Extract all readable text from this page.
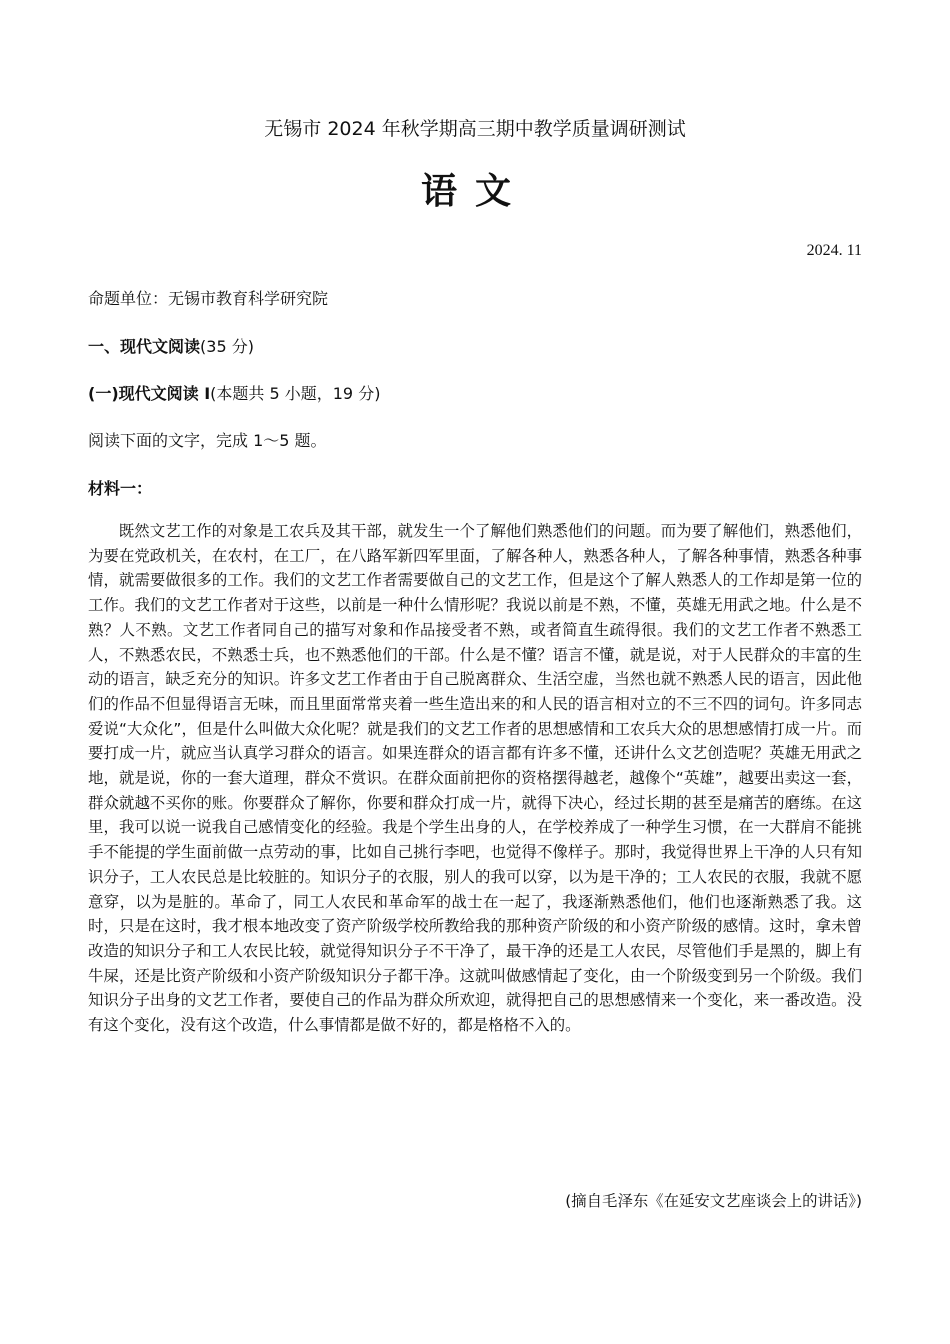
无锡市 2024 年秋学期高三期中教学质量调研测试
语文
2024. 11
命题单位：无锡市教育科学研究院
一、现代文阅读(35 分)
(一)现代文阅读 I(本题共 5 小题，19 分)
阅读下面的文字，完成 1～5 题。
材料一：

既然文艺工作的对象是工农兵及其干部，就发生一个了解他们熟悉他们的问题。而为要了解他们，熟悉他们，为要在党政机关，在农村，在工厂，在八路军新四军里面，了解各种人，熟悉各种人，了解各种事情，熟悉各种事情，就需要做很多的工作。我们的文艺工作者需要做自己的文艺工作，但是这个了解人熟悉人的工作却是第一位的工作。我们的文艺工作者对于这些，以前是一种什么情形呢？我说以前是不熟，不懂，英雄无用武之地。什么是不熟？人不熟。文艺工作者同自己的描写对象和作品接受者不熟，或者简直生疏得很。我们的文艺工作者不熟悉工人，不熟悉农民，不熟悉士兵，也不熟悉他们的干部。什么是不懂？语言不懂，就是说，对于人民群众的丰富的生动的语言，缺乏充分的知识。许多文艺工作者由于自己脱离群众、生活空虚，当然也就不熟悉人民的语言，因此他们的作品不但显得语言无味，而且里面常常夹着一些生造出来的和人民的语言相对立的不三不四的词句。许多同志爱说“大众化”，但是什么叫做大众化呢？就是我们的文艺工作者的思想感情和工农兵大众的思想感情打成一片。而要打成一片，就应当认真学习群众的语言。如果连群众的语言都有许多不懂，还讲什么文艺创造呢？英雄无用武之地，就是说，你的一套大道理，群众不赏识。在群众面前把你的资格摆得越老，越像个“英雄”，越要出卖这一套，群众就越不买你的账。你要群众了解你，你要和群众打成一片，就得下决心，经过长期的甚至是痛苦的磨练。在这里，我可以说一说我自己感情变化的经验。我是个学生出身的人，在学校养成了一种学生习惯，在一大群肩不能挑手不能提的学生面前做一点劳动的事，比如自己挑行李吧，也觉得不像样子。那时，我觉得世界上干净的人只有知识分子，工人农民总是比较脏的。知识分子的衣服，别人的我可以穿，以为是干净的；工人农民的衣服，我就不愿意穿，以为是脏的。革命了，同工人农民和革命军的战士在一起了，我逐渐熟悉他们，他们也逐渐熟悉了我。这时，只是在这时，我才根本地改变了资产阶级学校所教给我的那种资产阶级的和小资产阶级的感情。这时，拿未曾改造的知识分子和工人农民比较，就觉得知识分子不干净了，最干净的还是工人农民，尽管他们手是黑的，脚上有牛屎，还是比资产阶级和小资产阶级知识分子都干净。这就叫做感情起了变化，由一个阶级变到另一个阶级。我们知识分子出身的文艺工作者，要使自己的作品为群众所欢迎，就得把自己的思想感情来一个变化，来一番改造。没有这个变化，没有这个改造，什么事情都是做不好的，都是格格不入的。

(摘自毛泽东《在延安文艺座谈会上的讲话》)
